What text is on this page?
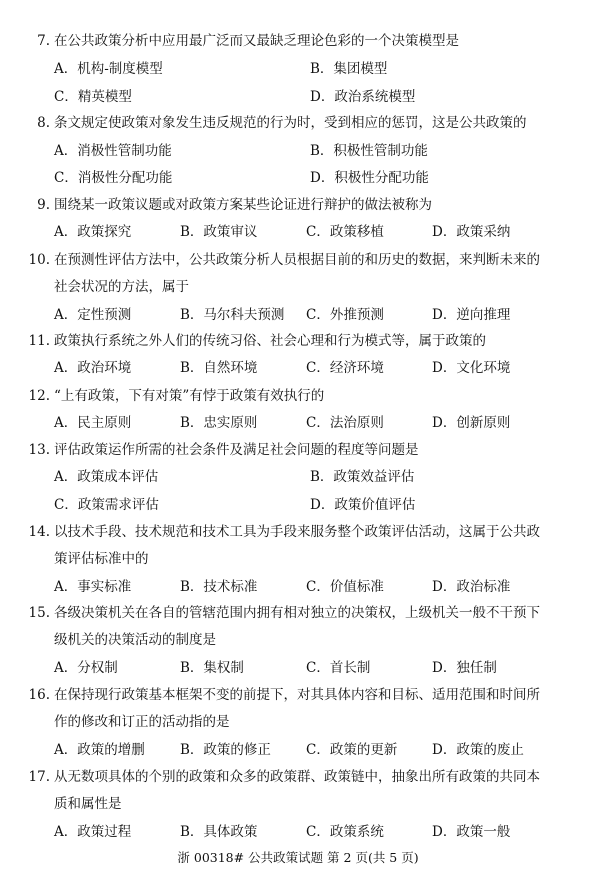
7. 在公共政策分析中应用最广泛而又最缺乏理论色彩的一个决策模型是
A．机构-制度模型	B．集团模型
C．精英模型	D．政治系统模型
8. 条文规定使政策对象发生违反规范的行为时，受到相应的惩罚，这是公共政策的
A．消极性管制功能	B．积极性管制功能
C．消极性分配功能	D．积极性分配功能
9. 围绕某一政策议题或对政策方案某些论证进行辩护的做法被称为
A．政策探究	B．政策审议	C．政策移植	D．政策采纳
10. 在预测性评估方法中，公共政策分析人员根据目前的和历史的数据，来判断未来的
社会状况的方法，属于
A．定性预测	B．马尔科夫预测 C．外推预测	D．逆向推理
11. 政策执行系统之外人们的传统习俗、社会心理和行为模式等，属于政策的
A．政治环境	B．自然环境	C．经济环境	D．文化环境
12. “上有政策，下有对策”有悖于政策有效执行的
A．民主原则	B．忠实原则	C．法治原则	D．创新原则
13. 评估政策运作所需的社会条件及满足社会问题的程度等问题是
A．政策成本评估	B．政策效益评估
C．政策需求评估	D．政策价值评估
14. 以技术手段、技术规范和技术工具为手段来服务整个政策评估活动，这属于公共政
策评估标准中的
A．事实标准	B．技术标准	C．价值标准	D．政治标准
15. 各级决策机关在各自的管辖范围内拥有相对独立的决策权，上级机关一般不干预下
级机关的决策活动的制度是
A．分权制	B．集权制	C．首长制	D．独任制
16. 在保持现行政策基本框架不变的前提下，对其具体内容和目标、适用范围和时间所
作的修改和订正的活动指的是
A．政策的增删	B．政策的修正	C．政策的更新	D．政策的废止
17. 从无数项具体的个别的政策和众多的政策群、政策链中，抽象出所有政策的共同本
质和属性是
A．政策过程	B．具体政策	C．政策系统	D．政策一般
浙 00318# 公共政策试题 第 2 页(共 5 页)
